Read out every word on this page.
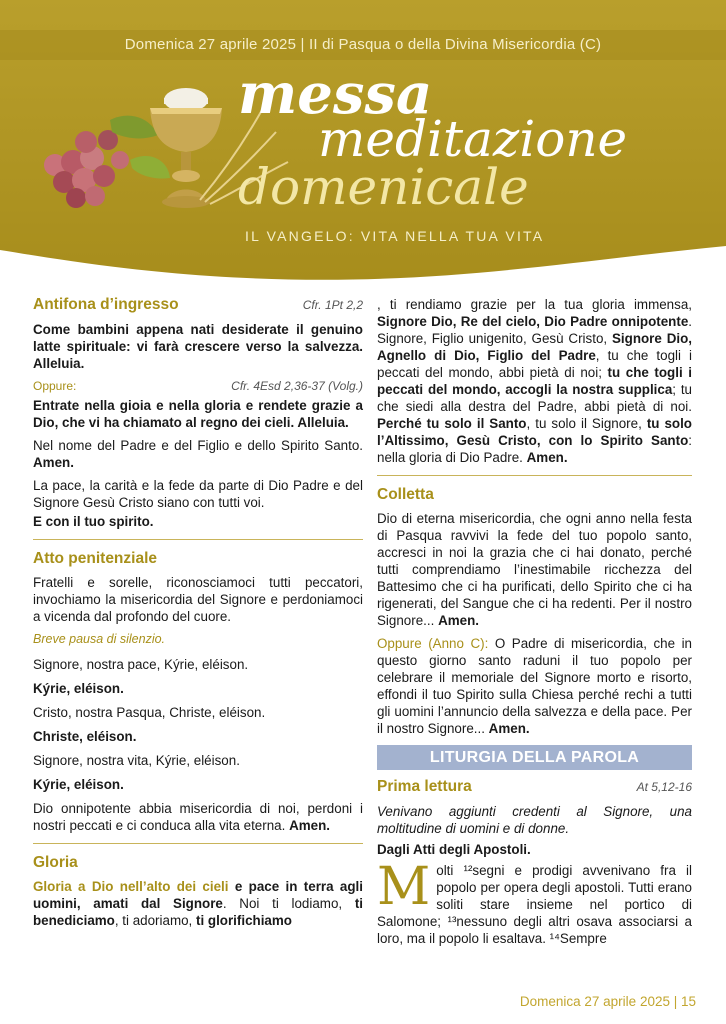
Domenica 27 aprile 2025 | II di Pasqua o della Divina Misericordia (C)
messa
meditazione
domenicale
IL VANGELO: VITA NELLA TUA VITA
Antifona d’ingresso	Cfr. 1Pt 2,2

Come bambini appena nati desiderate il genuino latte spirituale: vi farà crescere verso la salvezza. Alleluia.

Oppure:	Cfr. 4Esd 2,36-37 (Volg.)

Entrate nella gioia e nella gloria e rendete grazie a Dio, che vi ha chiamato al regno dei cieli. Alleluia.

Nel nome del Padre e del Figlio e dello Spirito Santo. Amen.

La pace, la carità e la fede da parte di Dio Padre e del Signore Gesù Cristo siano con tutti voi.

E con il tuo spirito.

Atto penitenziale

Fratelli e sorelle, riconosciamoci tutti peccatori, invochiamo la misericordia del Signore e perdoniamoci a vicenda dal profondo del cuore.

Breve pausa di silenzio.
Signore, nostra pace, Kýrie, eléison.
Kýrie, eléison.
Cristo, nostra Pasqua, Christe, eléison.
Christe, eléison.
Signore, nostra vita, Kýrie, eléison.
Kýrie, eléison.

Dio onnipotente abbia misericordia di noi, perdoni i nostri peccati e ci conduca alla vita eterna. Amen.

Gloria

Gloria a Dio nell’alto dei cieli e pace in terra agli uomini, amati dal Signore. Noi ti lodiamo, ti benediciamo, ti adoriamo, ti glorifichiamo

, ti rendiamo grazie per la tua gloria immensa, Signore Dio, Re del cielo, Dio Padre onnipotente. Signore, Figlio unigenito, Gesù Cristo, Signore Dio, Agnello di Dio, Figlio del Padre, tu che togli i peccati del mondo, abbi pietà di noi; tu che togli i peccati del mondo, accogli la nostra supplica; tu che siedi alla destra del Padre, abbi pietà di noi. Perché tu solo il Santo, tu solo il Signore, tu solo l’Altissimo, Gesù Cristo, con lo Spirito Santo: nella gloria di Dio Padre. Amen.

Colletta

Dio di eterna misericordia, che ogni anno nella festa di Pasqua ravvivi la fede del tuo popolo santo, accresci in noi la grazia che ci hai donato, perché tutti comprendiamo l’inestimabile ricchezza del Battesimo che ci ha purificati, dello Spirito che ci ha rigenerati, del Sangue che ci ha redenti. Per il nostro Signore... Amen.

Oppure (Anno C): O Padre di misericordia, che in questo giorno santo raduni il tuo popolo per celebrare il memoriale del Signore morto e risorto, effondi il tuo Spirito sulla Chiesa perché rechi a tutti gli uomini l’annuncio della salvezza e della pace. Per il nostro Signore... Amen.

LITURGIA DELLA PAROLA
Prima lettura	At 5,12-16

Venivano aggiunti credenti al Signore, una moltitudine di uomini e di donne.

Dagli Atti degli Apostoli.

Molti ¹²segni e prodigi avvenivano fra il popolo per opera degli apostoli. Tutti erano soliti stare insieme nel portico di Salomone; ¹³nessuno degli altri osava associarsi a loro, ma il popolo li esaltava. ¹⁴Sempre

Domenica 27 aprile 2025 | 15
